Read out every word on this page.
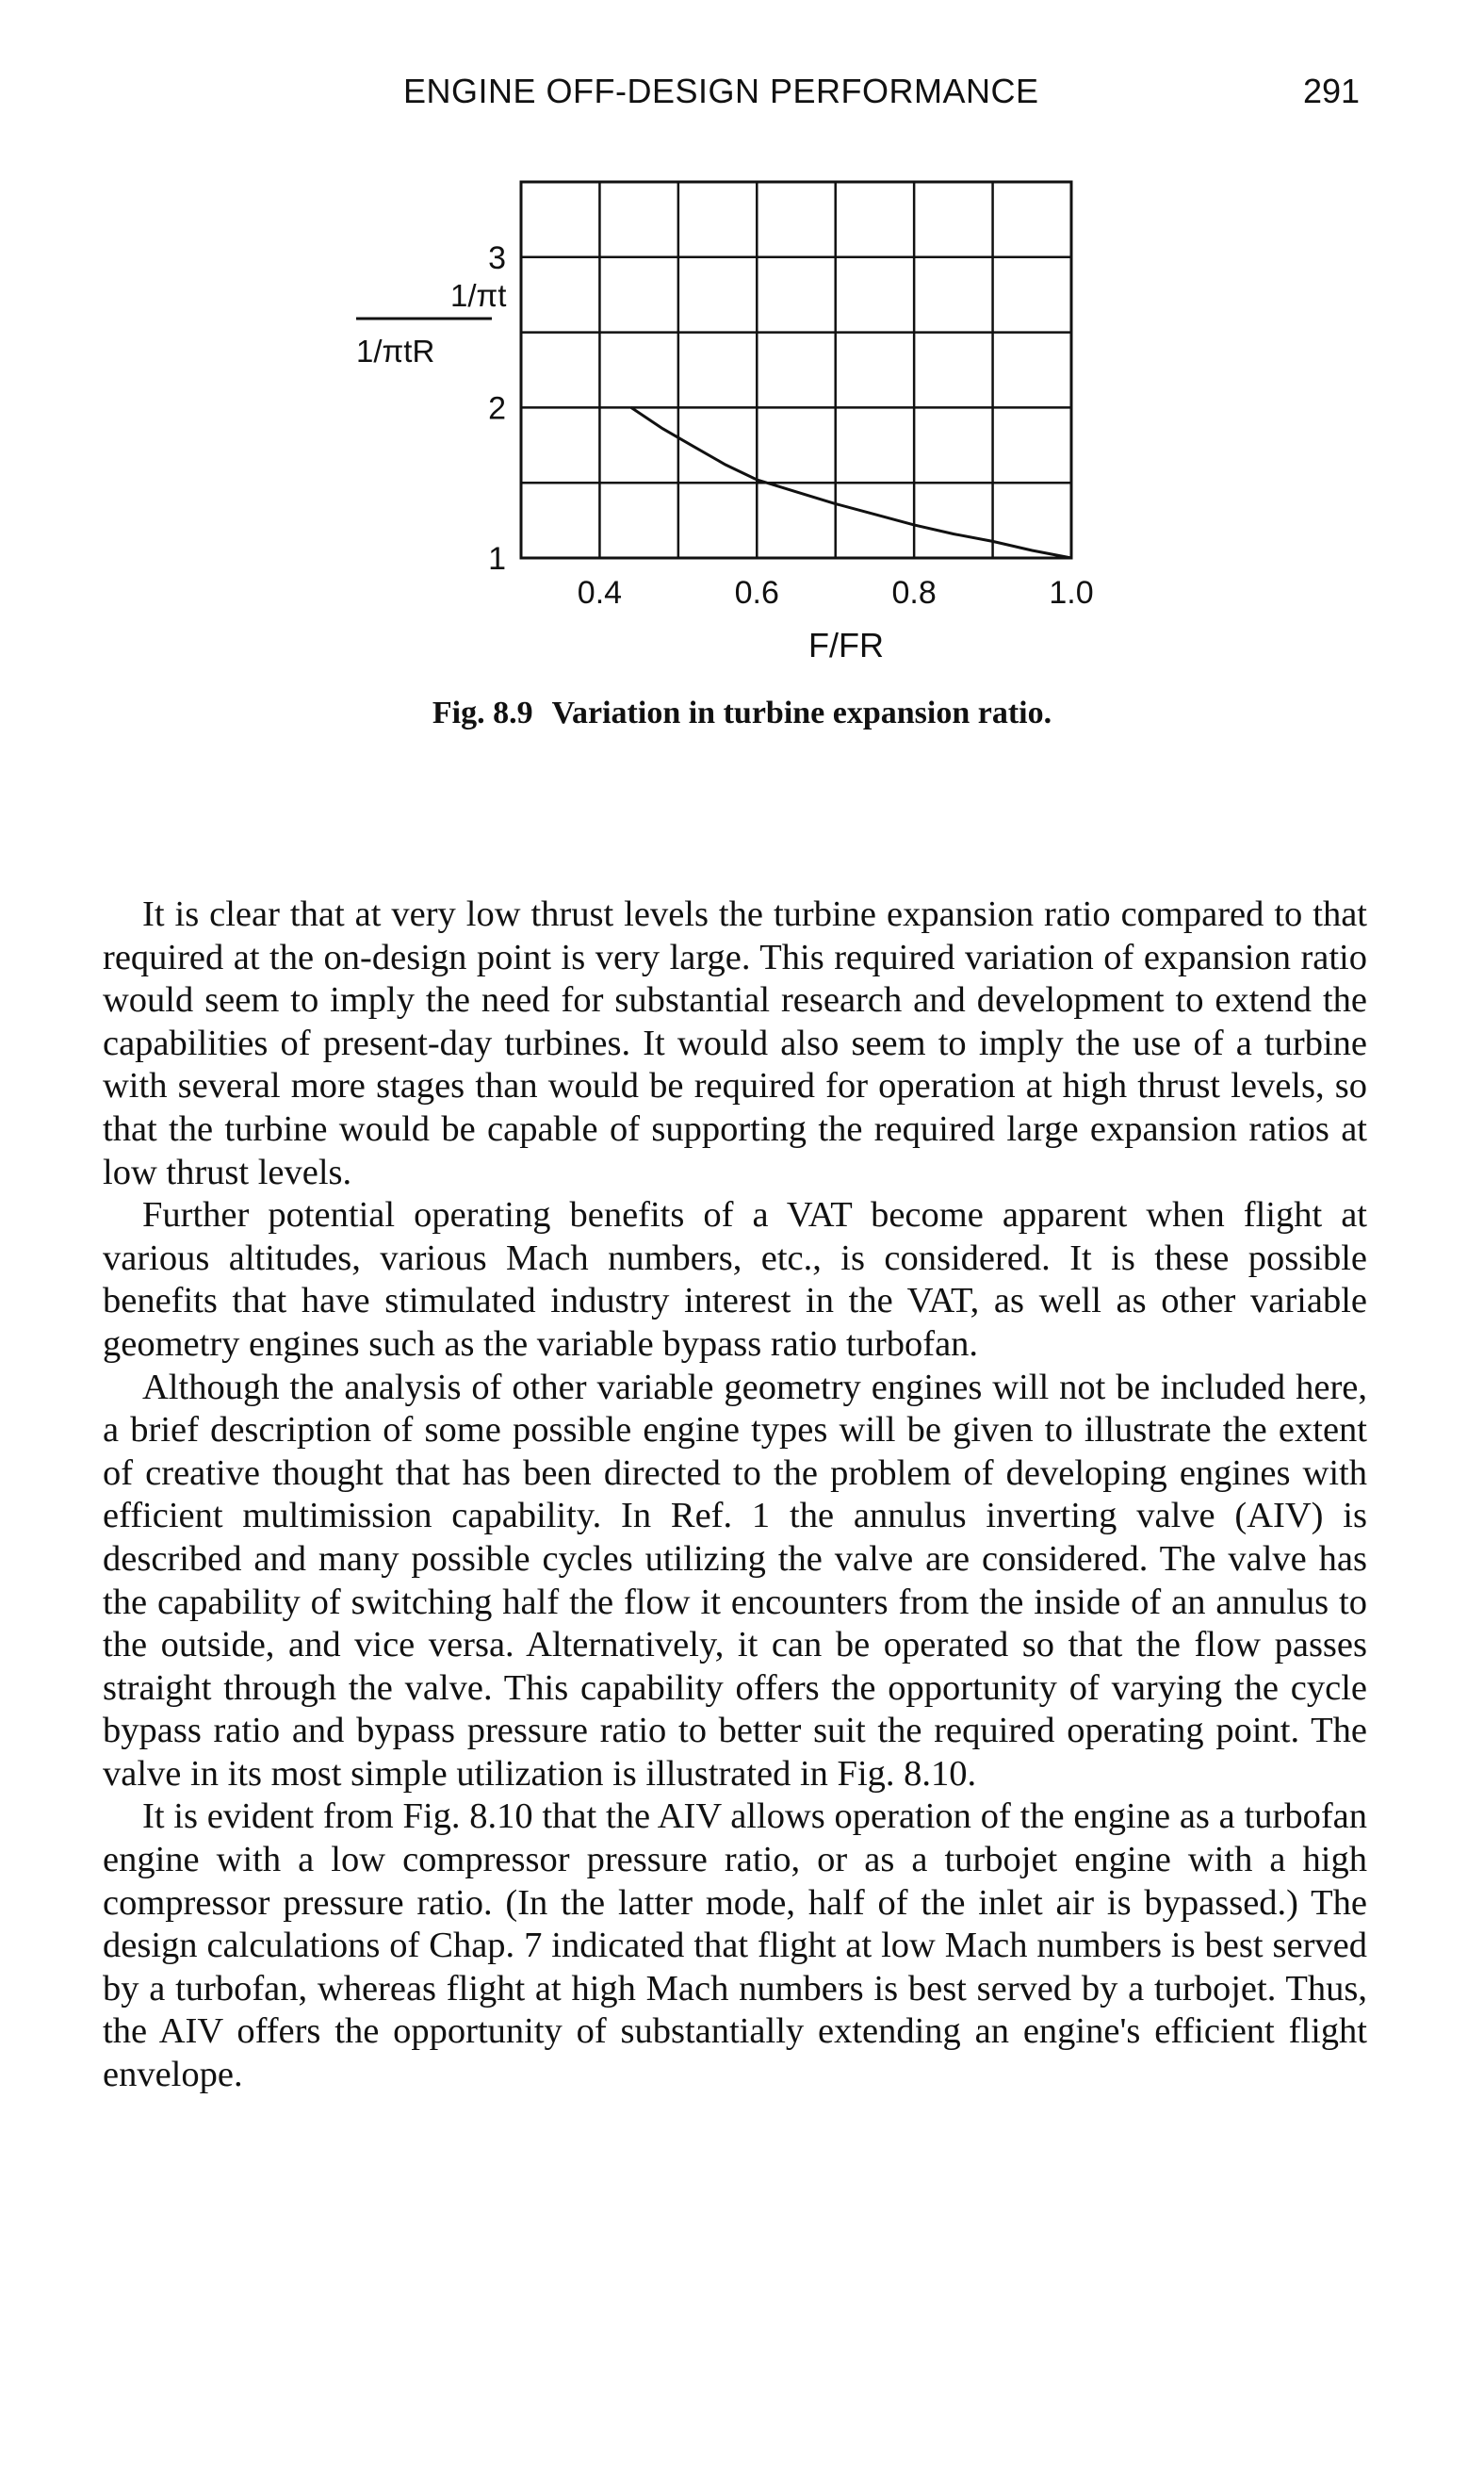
ENGINE OFF-DESIGN PERFORMANCE	291
0.4	0.6	0.8	1.0
1
2
3
1/πt
1/πtR
F/FR
Fig. 8.9 Variation in turbine expansion ratio.

It is clear that at very low thrust levels the turbine expansion ratio compared to that required at the on-design point is very large. This required variation of expansion ratio would seem to imply the need for substantial research and development to extend the capabilities of present-day turbines. It would also seem to imply the use of a turbine with several more stages than would be required for operation at high thrust levels, so that the turbine would be capable of supporting the required large expansion ratios at low thrust levels.

Further potential operating benefits of a VAT become apparent when flight at various altitudes, various Mach numbers, etc., is considered. It is these possible benefits that have stimulated industry interest in the VAT, as well as other variable geometry engines such as the variable bypass ratio turbofan.

Although the analysis of other variable geometry engines will not be included here, a brief description of some possible engine types will be given to illustrate the extent of creative thought that has been directed to the problem of developing engines with efficient multimission capability. In Ref. 1 the annulus inverting valve (AIV) is described and many possible cycles utilizing the valve are considered. The valve has the capability of switching half the flow it encounters from the inside of an annulus to the outside, and vice versa. Alternatively, it can be operated so that the flow passes straight through the valve. This capability offers the opportunity of varying the cycle bypass ratio and bypass pressure ratio to better suit the required operating point. The valve in its most simple utilization is illustrated in Fig. 8.10.

It is evident from Fig. 8.10 that the AIV allows operation of the engine as a turbofan engine with a low compressor pressure ratio, or as a turbojet engine with a high compressor pressure ratio. (In the latter mode, half of the inlet air is bypassed.) The design calculations of Chap. 7 indicated that flight at low Mach numbers is best served by a turbofan, whereas flight at high Mach numbers is best served by a turbojet. Thus, the AIV offers the opportunity of substantially extending an engine's efficient flight envelope.
